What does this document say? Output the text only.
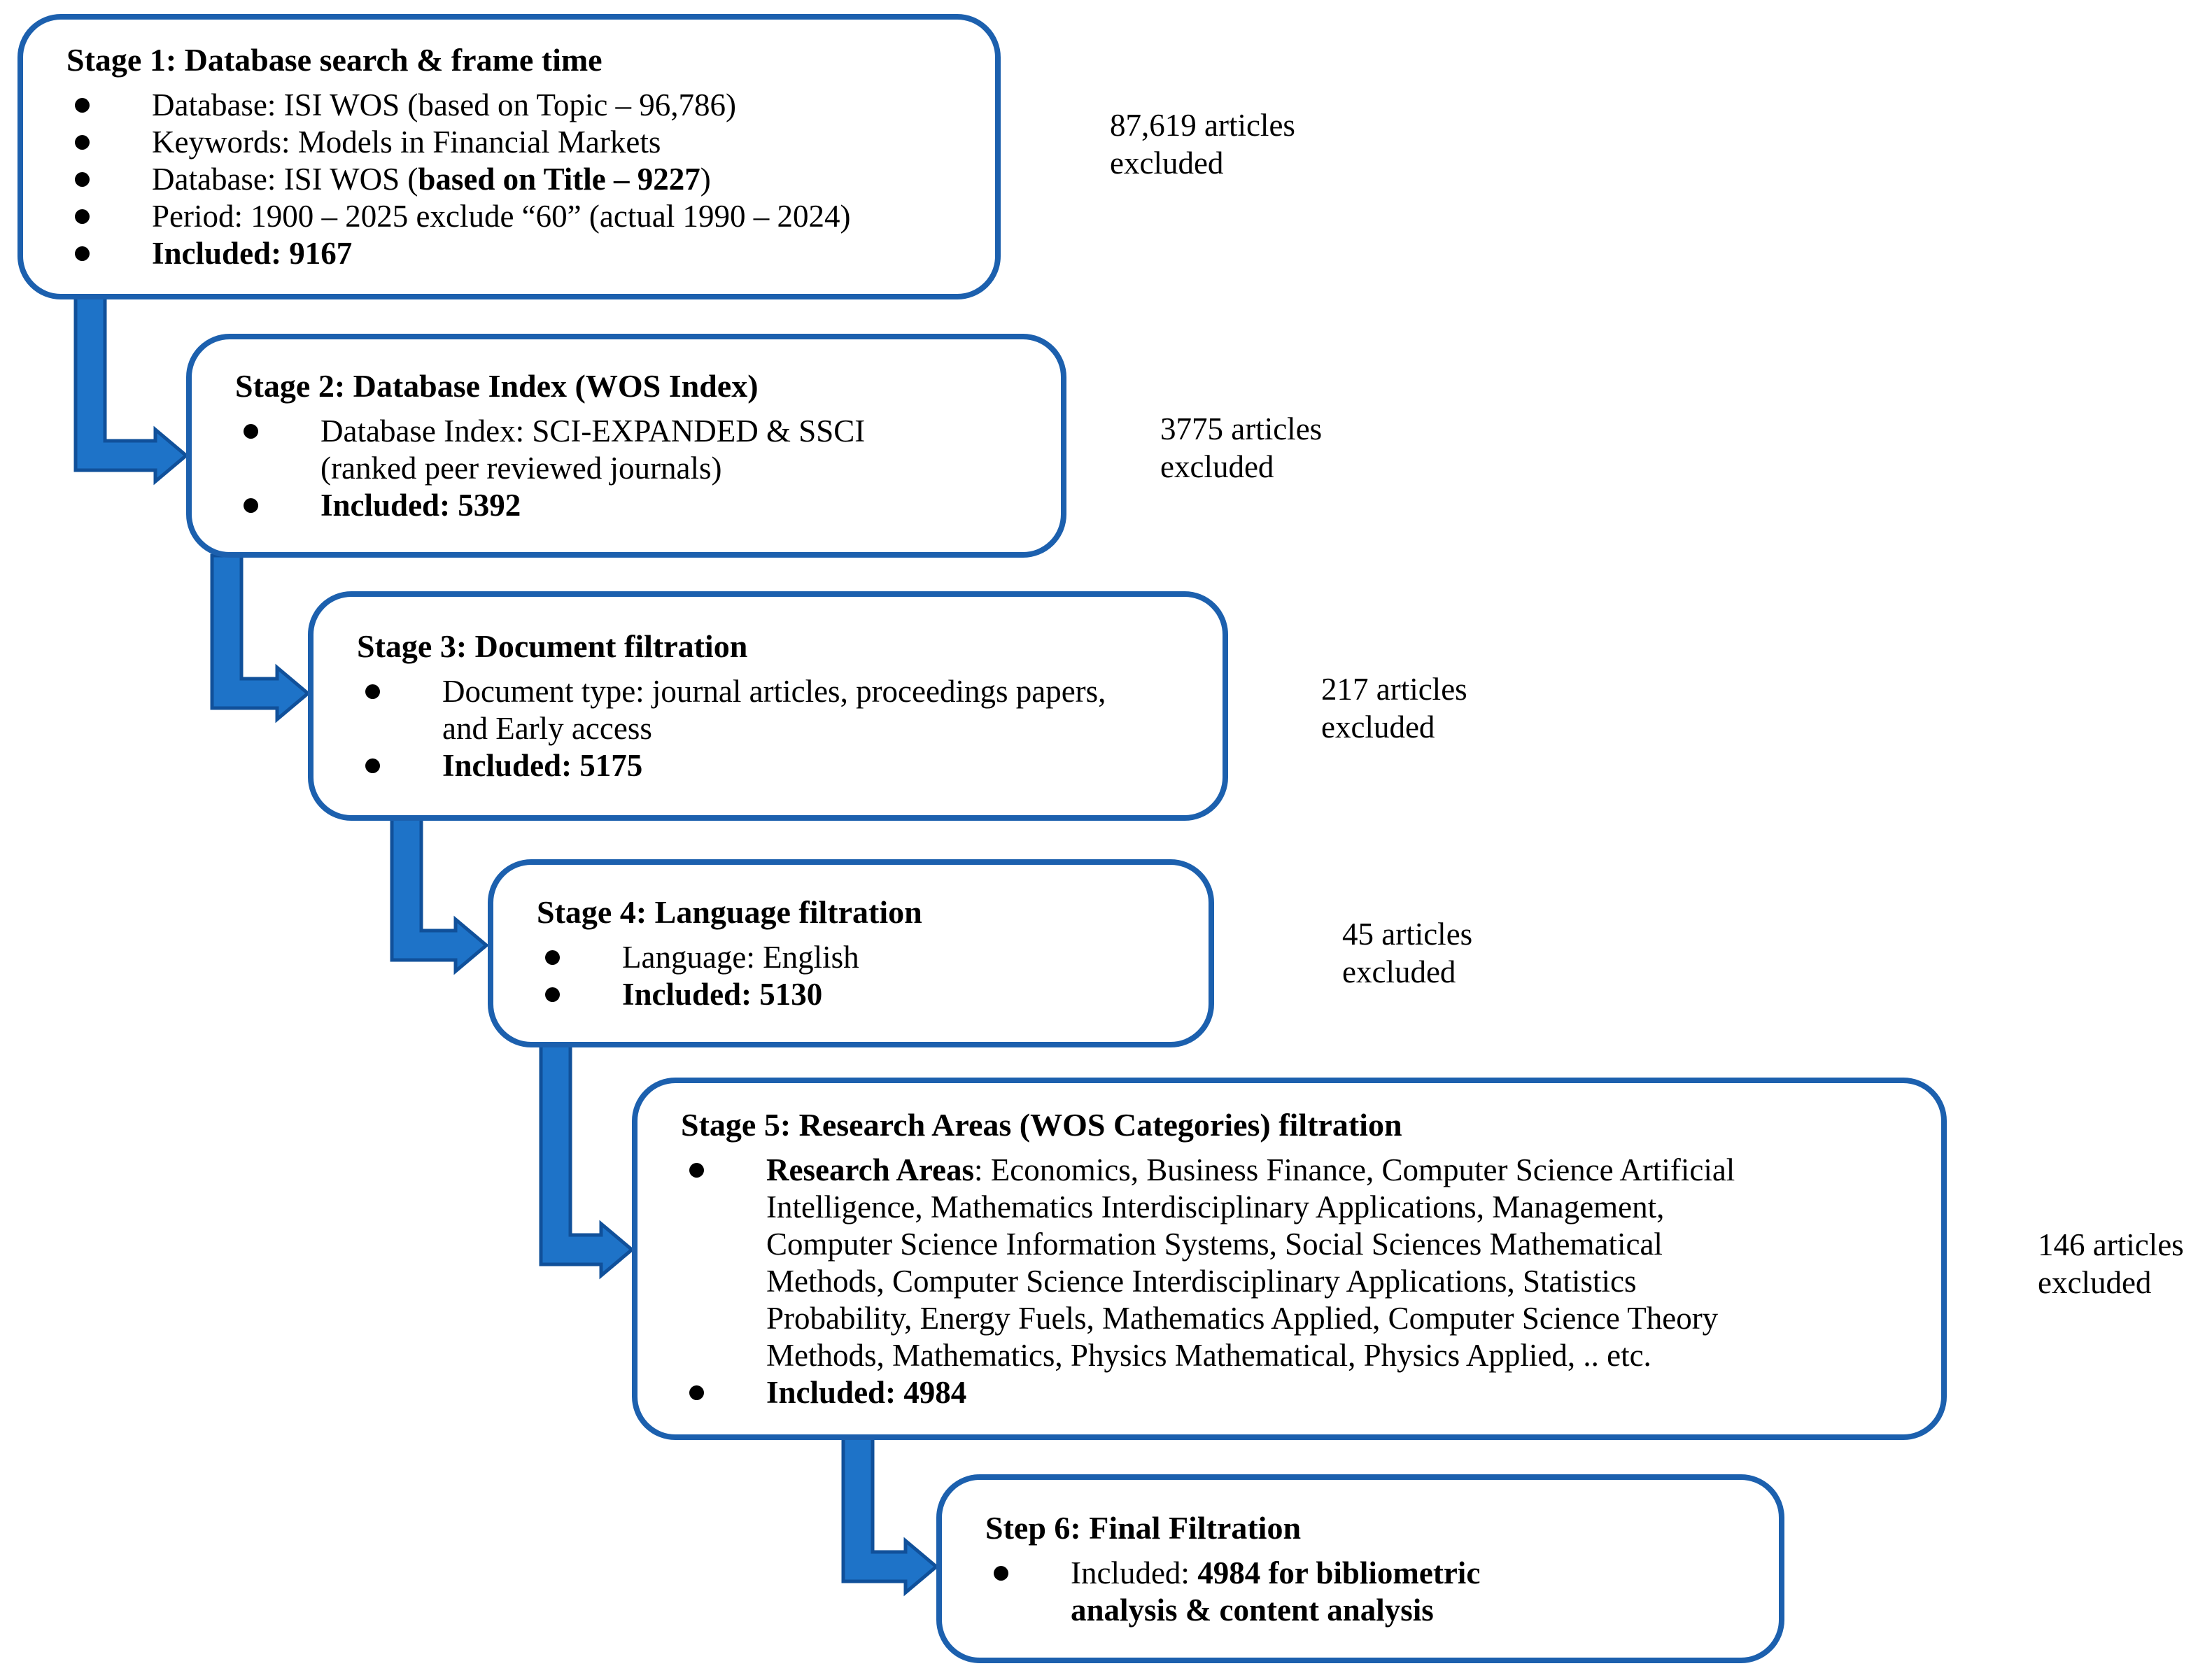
Stage 1: Database search & frame time
Database: ISI WOS (based on Topic – 96,786)
Keywords: Models in Financial Markets
Database: ISI WOS (based on Title – 9227)
Period: 1900 – 2025 exclude “60” (actual 1990 – 2024)
Included: 9167
Stage 2: Database Index (WOS Index)
Database Index: SCI-EXPANDED & SSCI
(ranked peer reviewed journals)
Included: 5392
Stage 3: Document filtration
Document type: journal articles, proceedings papers,
and Early access
Included: 5175
Stage 4: Language filtration
Language: English
Included: 5130
Stage 5: Research Areas (WOS Categories) filtration
Research Areas: Economics, Business Finance, Computer Science Artificial
Intelligence, Mathematics Interdisciplinary Applications, Management,
Computer Science Information Systems, Social Sciences Mathematical
Methods, Computer Science Interdisciplinary Applications, Statistics
Probability, Energy Fuels, Mathematics Applied, Computer Science Theory
Methods, Mathematics, Physics Mathematical, Physics Applied, .. etc.
Included: 4984
Step 6: Final Filtration
Included: 4984 for bibliometric
analysis & content analysis
87,619 articles
excluded
3775 articles
excluded
217 articles
excluded
45 articles
excluded
146 articles
excluded
